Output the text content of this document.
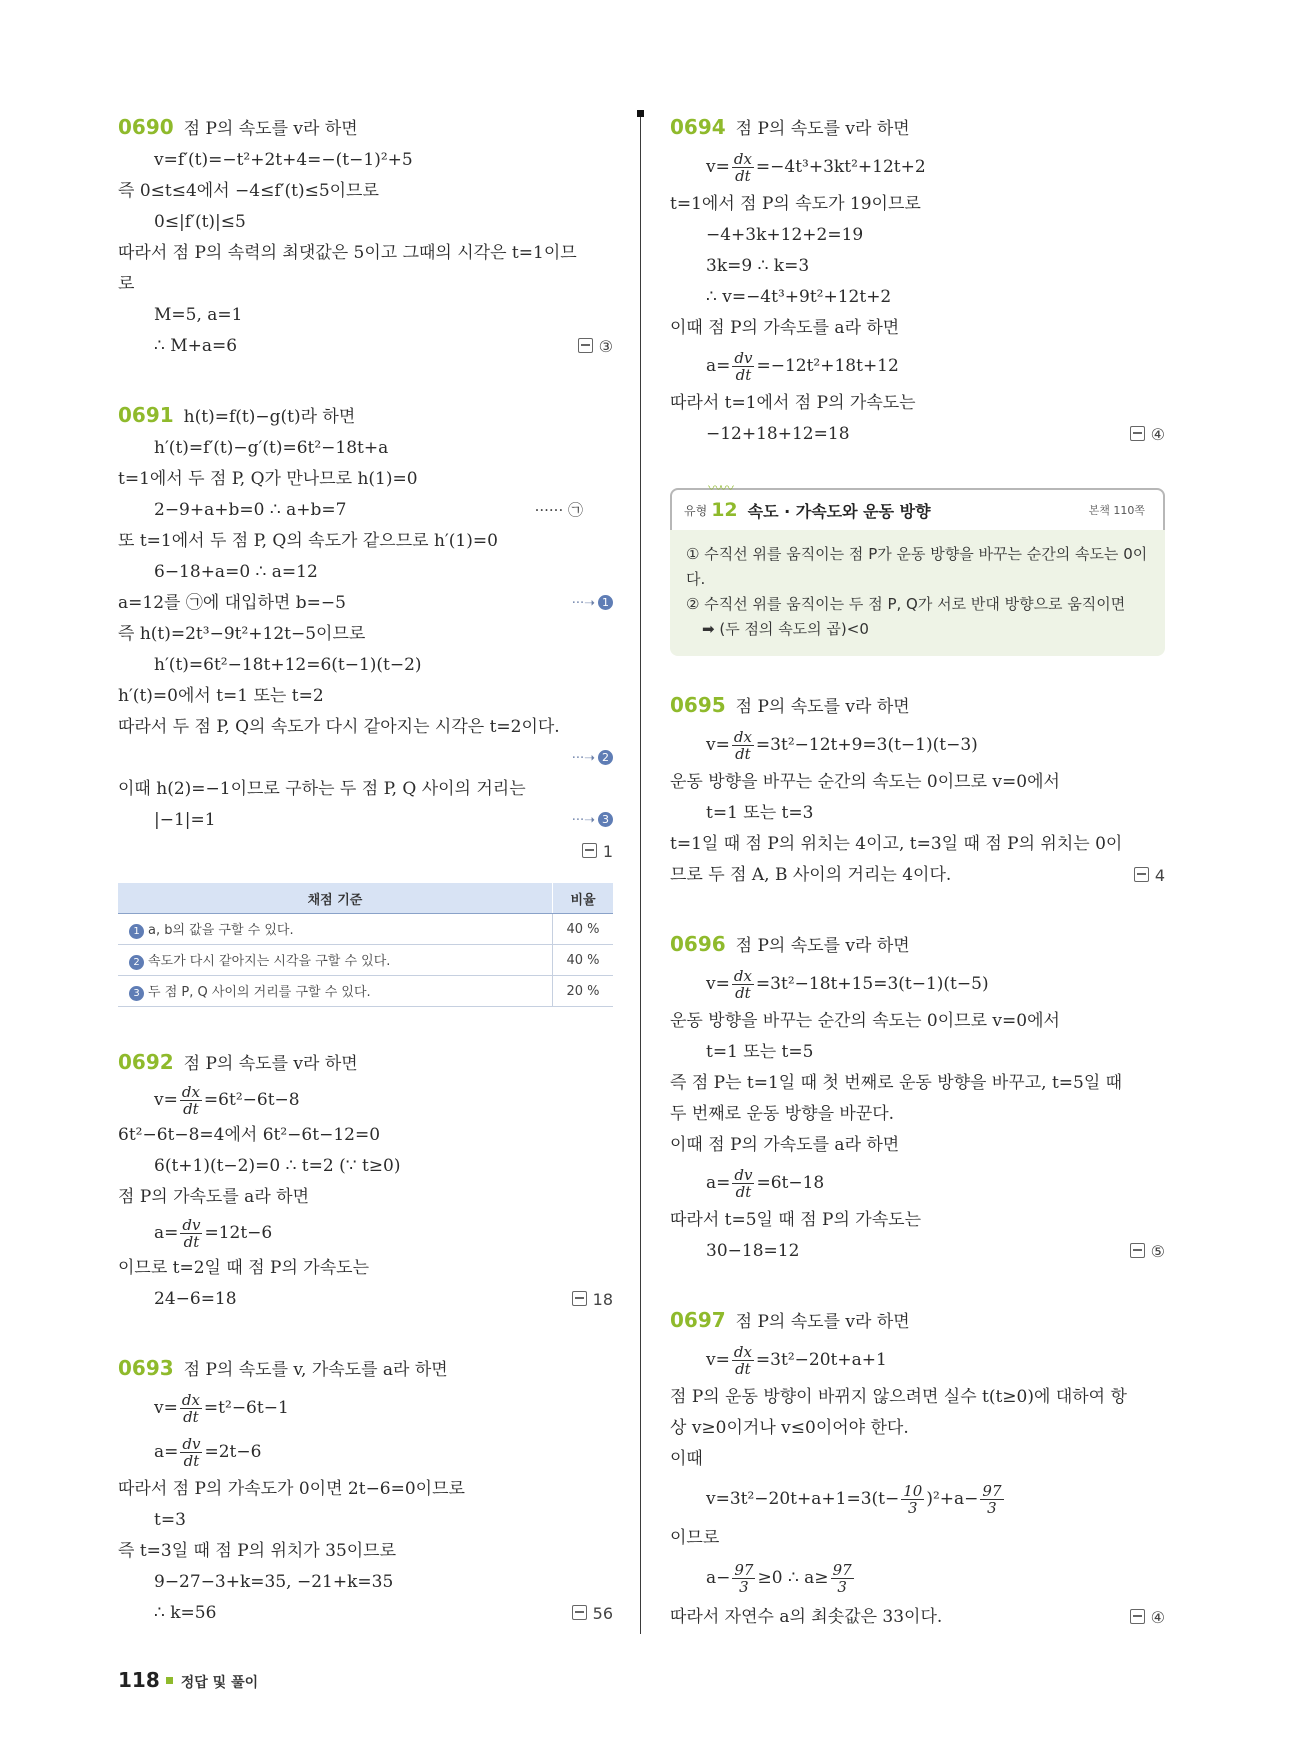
0690 점 P의 속도를 v라 하면
v=f′(t)=−t²+2t+4=−(t−1)²+5
즉 0≤t≤4에서 −4≤f′(t)≤5이므로
0≤|f′(t)|≤5
따라서 점 P의 속력의 최댓값은 5이고 그때의 시각은 t=1이므
로
M=5, a=1
∴ M+a=6	③
0691 h(t)=f(t)−g(t)라 하면
h′(t)=f′(t)−g′(t)=6t²−18t+a
t=1에서 두 점 P, Q가 만나므로 h(1)=0
2−9+a+b=0 ∴ a+b=7	······ ㉠
또 t=1에서 두 점 P, Q의 속도가 같으므로 h′(1)=0
6−18+a=0 ∴ a=12
a=12를 ㉠에 대입하면 b=−5	···➝ 1
즉 h(t)=2t³−9t²+12t−5이므로
h′(t)=6t²−18t+12=6(t−1)(t−2)
h′(t)=0에서 t=1 또는 t=2
따라서 두 점 P, Q의 속도가 다시 같아지는 시각은 t=2이다.
···➝ 2
이때 h(2)=−1이므로 구하는 두 점 P, Q 사이의 거리는
|−1|=1	···➝ 3
1
채점 기준	비율
1 a, b의 값을 구할 수 있다.	40 %
2 속도가 다시 같아지는 시각을 구할 수 있다.	40 %
3 두 점 P, Q 사이의 거리를 구할 수 있다.	20 %
0692 점 P의 속도를 v라 하면
$v= \frac{dx}{dt} =6t^2-6t-8$
6t²−6t−8=4에서 6t²−6t−12=0
6(t+1)(t−2)=0 ∴ t=2 (∵ t≥0)
점 P의 가속도를 a라 하면
$a= \frac{dv}{dt} =12t-6$
이므로 t=2일 때 점 P의 가속도는
24−6=18	18
0693 점 P의 속도를 v, 가속도를 a라 하면
$v= \frac{dx}{dt} =t^2-6t-1$
$a= \frac{dv}{dt} =2t-6$
따라서 점 P의 가속도가 0이면 2t−6=0이므로
t=3
즉 t=3일 때 점 P의 위치가 35이므로
9−27−3+k=35, −21+k=35
∴ k=56	56
0694 점 P의 속도를 v라 하면
$v= \frac{dx}{dt} =-4t^3+3kt^2+12t+2$
t=1에서 점 P의 속도가 19이므로
−4+3k+12+2=19
3k=9 ∴ k=3
∴ v=−4t³+9t²+12t+2
이때 점 P의 가속도를 a라 하면
$a= \frac{dv}{dt} =-12t^2+18t+12$
따라서 t=1에서 점 P의 가속도는
−12+18+12=18	④
〰〰
유형 12 속도 · 가속도와 운동 방향	본책 110쪽
① 수직선 위를 움직이는 점 P가 운동 방향을 바꾸는 순간의 속도는 0이다.
② 수직선 위를 움직이는 두 점 P, Q가 서로 반대 방향으로 움직이면
➡ (두 점의 속도의 곱)<0
0695 점 P의 속도를 v라 하면
$v= \frac{dx}{dt} =3t^2-12t+9=3(t-1)(t-3)$
운동 방향을 바꾸는 순간의 속도는 0이므로 v=0에서
t=1 또는 t=3
t=1일 때 점 P의 위치는 4이고, t=3일 때 점 P의 위치는 0이
므로 두 점 A, B 사이의 거리는 4이다.	4
0696 점 P의 속도를 v라 하면
$v= \frac{dx}{dt} =3t^2-18t+15=3(t-1)(t-5)$
운동 방향을 바꾸는 순간의 속도는 0이므로 v=0에서
t=1 또는 t=5
즉 점 P는 t=1일 때 첫 번째로 운동 방향을 바꾸고, t=5일 때
두 번째로 운동 방향을 바꾼다.
이때 점 P의 가속도를 a라 하면
$a= \frac{dv}{dt} =6t-18$
따라서 t=5일 때 점 P의 가속도는
30−18=12	⑤
0697 점 P의 속도를 v라 하면
$v= \frac{dx}{dt} =3t^2-20t+a+1$
점 P의 운동 방향이 바뀌지 않으려면 실수 t(t≥0)에 대하여 항
상 v≥0이거나 v≤0이어야 한다.
이때
$v=3t^2-20t+a+1=3(t- \frac{10}{3} )^2+a- \frac{97}{3}$
이므로
$a- \frac{97}{3} \ge 0$ ∴ $a\ge \frac{97}{3}$
따라서 자연수 a의 최솟값은 33이다.	④
118 정답 및 풀이
